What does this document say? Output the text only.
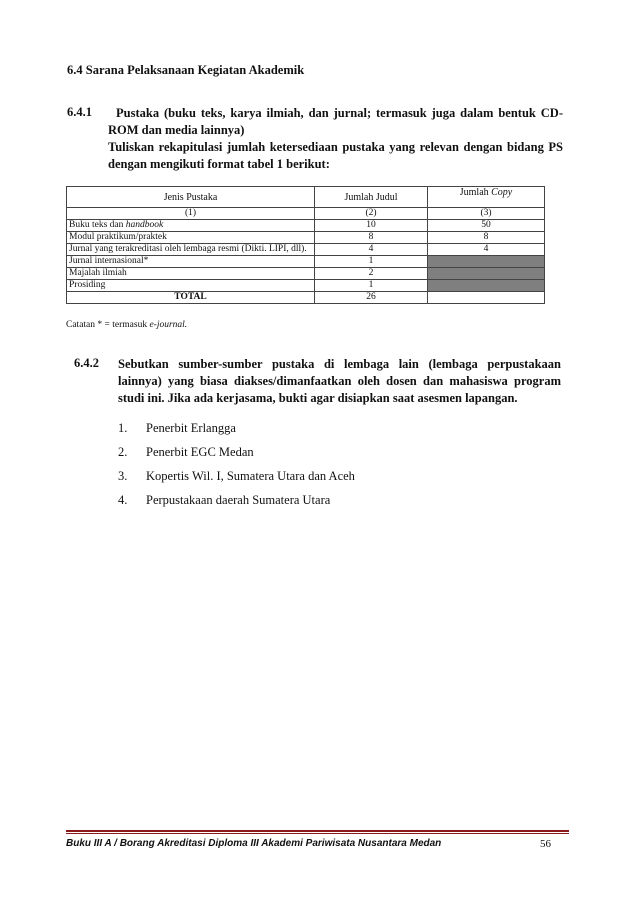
6.4 Sarana Pelaksanaan Kegiatan Akademik
6.4.1	Pustaka (buku teks, karya ilmiah, dan jurnal; termasuk juga dalam bentuk CD-ROM dan media lainnya)
Tuliskan rekapitulasi jumlah ketersediaan pustaka yang relevan dengan bidang PS dengan mengikuti format tabel 1 berikut:
Jenis Pustaka	Jumlah Judul	Jumlah Copy
(1)	(2)	(3)
Buku teks dan handbook	10	50
Modul praktikum/praktek	8	8
Jurnal yang terakreditasi oleh lembaga resmi (Dikti. LIPI, dll).	4	4
Jurnal internasional*	1	
Majalah ilmiah	2	
Prosiding	1	
TOTAL	26	
Catatan * = termasuk e-journal.
6.4.2 Sebutkan sumber-sumber pustaka di lembaga lain (lembaga perpustakaan lainnya) yang biasa diakses/dimanfaatkan oleh dosen dan mahasiswa program studi ini. Jika ada kerjasama, bukti agar disiapkan saat asesmen lapangan.
1. Penerbit Erlangga
2. Penerbit EGC Medan
3. Kopertis Wil. I, Sumatera Utara dan Aceh
4. Perpustakaan daerah Sumatera Utara
Buku III A / Borang Akreditasi Diploma III Akademi Pariwisata Nusantara Medan	56
